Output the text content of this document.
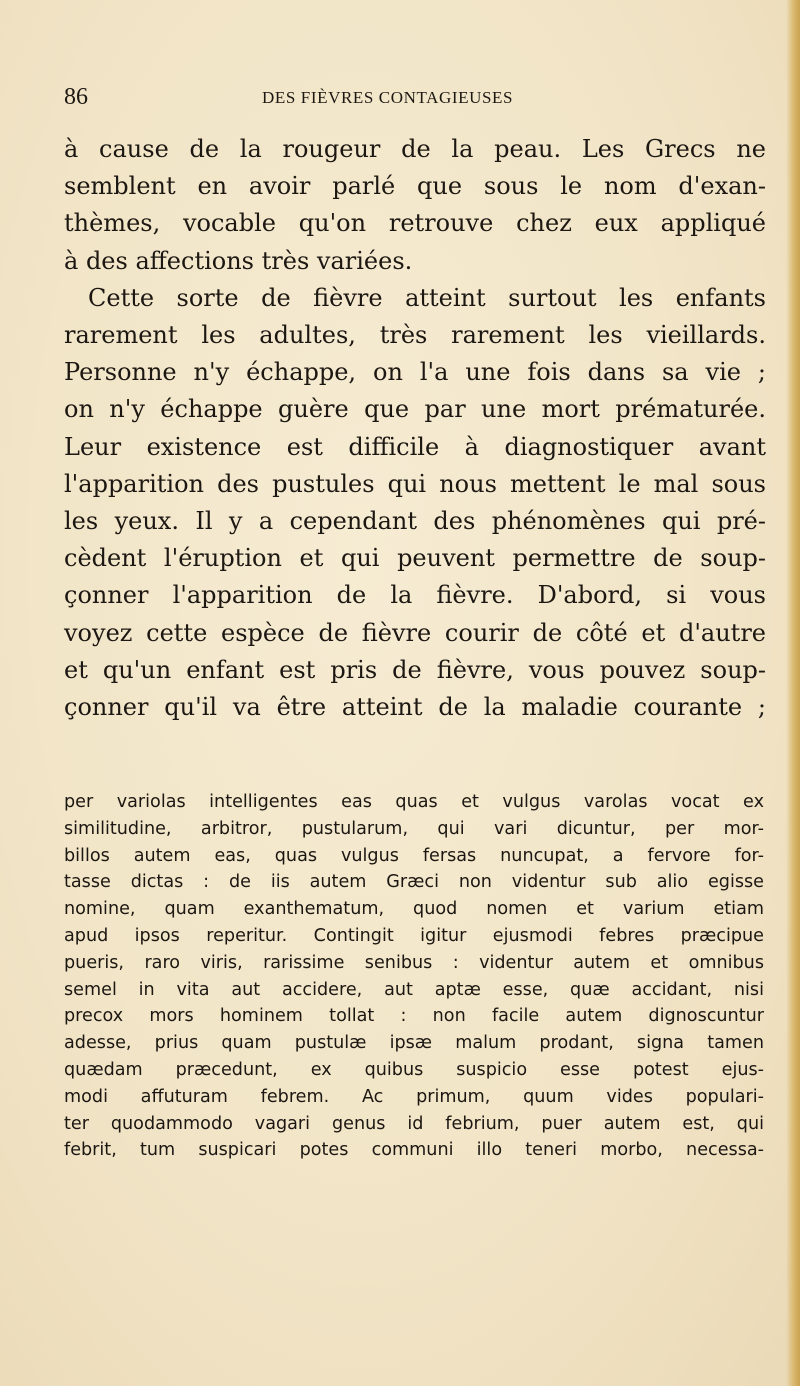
86	DES FIÈVRES CONTAGIEUSES
à cause de la rougeur de la peau. Les Grecs ne
semblent en avoir parlé que sous le nom d'exan-
thèmes, vocable qu'on retrouve chez eux appliqué
à des affections très variées.
Cette sorte de fièvre atteint surtout les enfants
rarement les adultes, très rarement les vieillards.
Personne n'y échappe, on l'a une fois dans sa vie ;
on n'y échappe guère que par une mort prématurée.
Leur existence est difficile à diagnostiquer avant
l'apparition des pustules qui nous mettent le mal sous
les yeux. Il y a cependant des phénomènes qui pré-
cèdent l'éruption et qui peuvent permettre de soup-
çonner l'apparition de la fièvre. D'abord, si vous
voyez cette espèce de fièvre courir de côté et d'autre
et qu'un enfant est pris de fièvre, vous pouvez soup-
çonner qu'il va être atteint de la maladie courante ;
per variolas intelligentes eas quas et vulgus varolas vocat ex
similitudine, arbitror, pustularum, qui vari dicuntur, per mor-
billos autem eas, quas vulgus fersas nuncupat, a fervore for-
tasse dictas : de iis autem Græci non videntur sub alio egisse
nomine, quam exanthematum, quod nomen et varium etiam
apud ipsos reperitur. Contingit igitur ejusmodi febres præcipue
pueris, raro viris, rarissime senibus : videntur autem et omnibus
semel in vita aut accidere, aut aptæ esse, quæ accidant, nisi
precox mors hominem tollat : non facile autem dignoscuntur
adesse, prius quam pustulæ ipsæ malum prodant, signa tamen
quædam præcedunt, ex quibus suspicio esse potest ejus-
modi affuturam febrem. Ac primum, quum vides populari-
ter quodammodo vagari genus id febrium, puer autem est, qui
febrit, tum suspicari potes communi illo teneri morbo, necessa-
